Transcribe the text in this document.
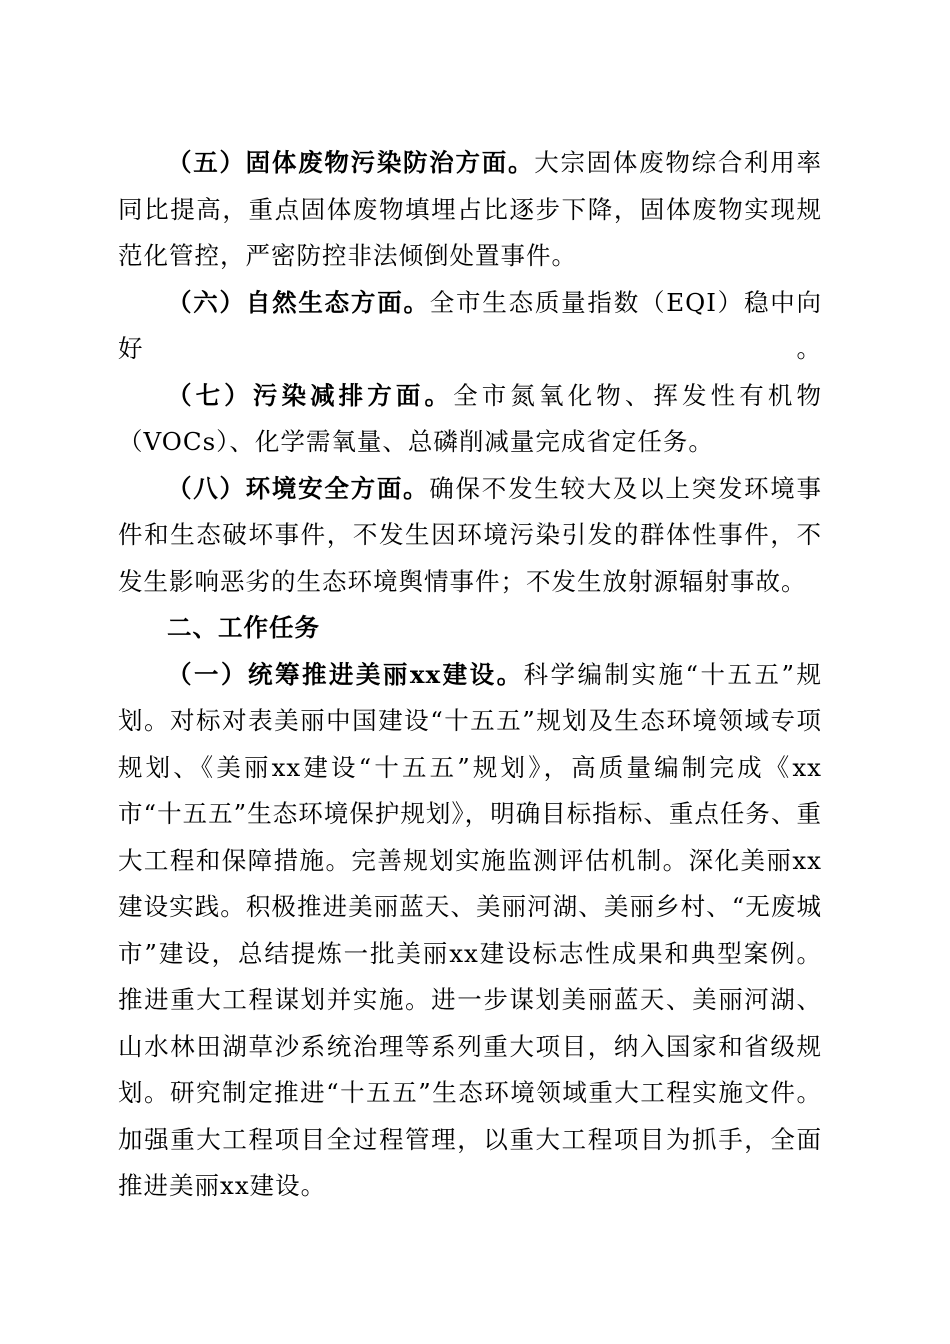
（五）固体废物污染防治方面。大宗固体废物综合利用率同比提高，重点固体废物填埋占比逐步下降，固体废物实现规范化管控，严密防控非法倾倒处置事件。

（六）自然生态方面。全市生态质量指数（EQI）稳中向好。

（七）污染减排方面。全市氮氧化物、挥发性有机物（VOCs）、化学需氧量、总磷削减量完成省定任务。

（八）环境安全方面。确保不发生较大及以上突发环境事件和生态破坏事件，不发生因环境污染引发的群体性事件，不发生影响恶劣的生态环境舆情事件；不发生放射源辐射事故。

二、工作任务

（一）统筹推进美丽xx建设。科学编制实施“十五五”规划。对标对表美丽中国建设“十五五”规划及生态环境领域专项规划、《美丽xx建设“十五五”规划》，高质量编制完成《xx市“十五五”生态环境保护规划》，明确目标指标、重点任务、重大工程和保障措施。完善规划实施监测评估机制。深化美丽xx建设实践。积极推进美丽蓝天、美丽河湖、美丽乡村、“无废城市”建设，总结提炼一批美丽xx建设标志性成果和典型案例。推进重大工程谋划并实施。进一步谋划美丽蓝天、美丽河湖、山水林田湖草沙系统治理等系列重大项目，纳入国家和省级规划。研究制定推进“十五五”生态环境领域重大工程实施文件。加强重大工程项目全过程管理，以重大工程项目为抓手，全面推进美丽xx建设。
